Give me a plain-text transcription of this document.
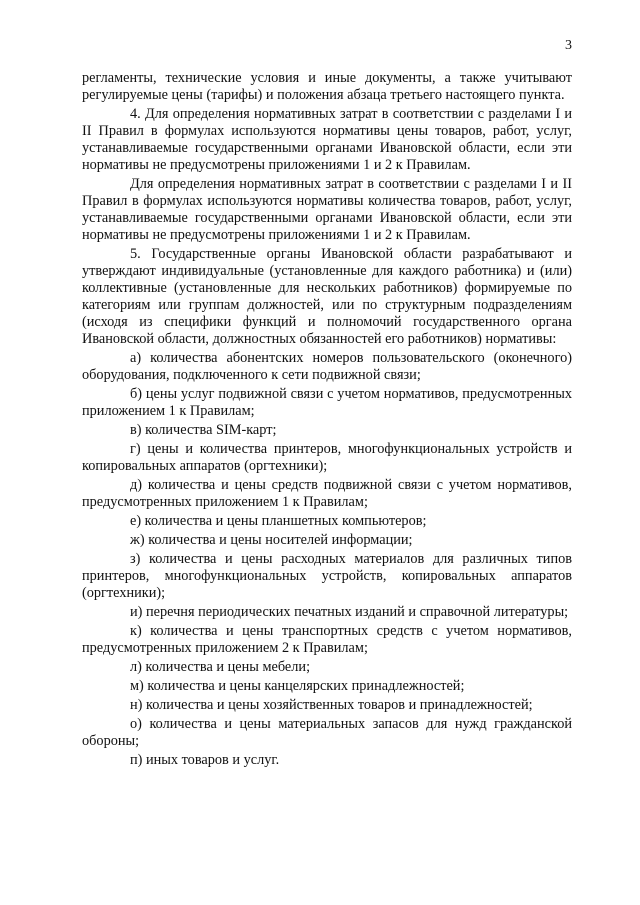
3

регламенты, технические условия и иные документы, а также учитывают регулируемые цены (тарифы) и положения абзаца третьего настоящего пункта.

4. Для определения нормативных затрат в соответствии с разделами I и II Правил в формулах используются нормативы цены товаров, работ, услуг, устанавливаемые государственными органами Ивановской области, если эти нормативы не предусмотрены приложениями 1 и 2 к Правилам.

Для определения нормативных затрат в соответствии с разделами I и II Правил в формулах используются нормативы количества товаров, работ, услуг, устанавливаемые государственными органами Ивановской области, если эти нормативы не предусмотрены приложениями 1 и 2 к Правилам.

5. Государственные органы Ивановской области разрабатывают и утверждают индивидуальные (установленные для каждого работника) и (или) коллективные (установленные для нескольких работников) формируемые по категориям или группам должностей, или по структурным подразделениям (исходя из специфики функций и полномочий государственного органа Ивановской области, должностных обязанностей его работников) нормативы:

а) количества абонентских номеров пользовательского (оконечного) оборудования, подключенного к сети подвижной связи;

б) цены услуг подвижной связи с учетом нормативов, предусмотренных приложением 1 к Правилам;

в) количества SIM-карт;

г) цены и количества принтеров, многофункциональных устройств и копировальных аппаратов (оргтехники);

д) количества и цены средств подвижной связи с учетом нормативов, предусмотренных приложением 1 к Правилам;

е) количества и цены планшетных компьютеров;

ж) количества и цены носителей информации;

з) количества и цены расходных материалов для различных типов принтеров, многофункциональных устройств, копировальных аппаратов (оргтехники);

и) перечня периодических печатных изданий и справочной литературы;

к) количества и цены транспортных средств с учетом нормативов, предусмотренных приложением 2 к Правилам;

л) количества и цены мебели;

м) количества и цены канцелярских принадлежностей;

н) количества и цены хозяйственных товаров и принадлежностей;

о) количества и цены материальных запасов для нужд гражданской обороны;

п) иных товаров и услуг.
